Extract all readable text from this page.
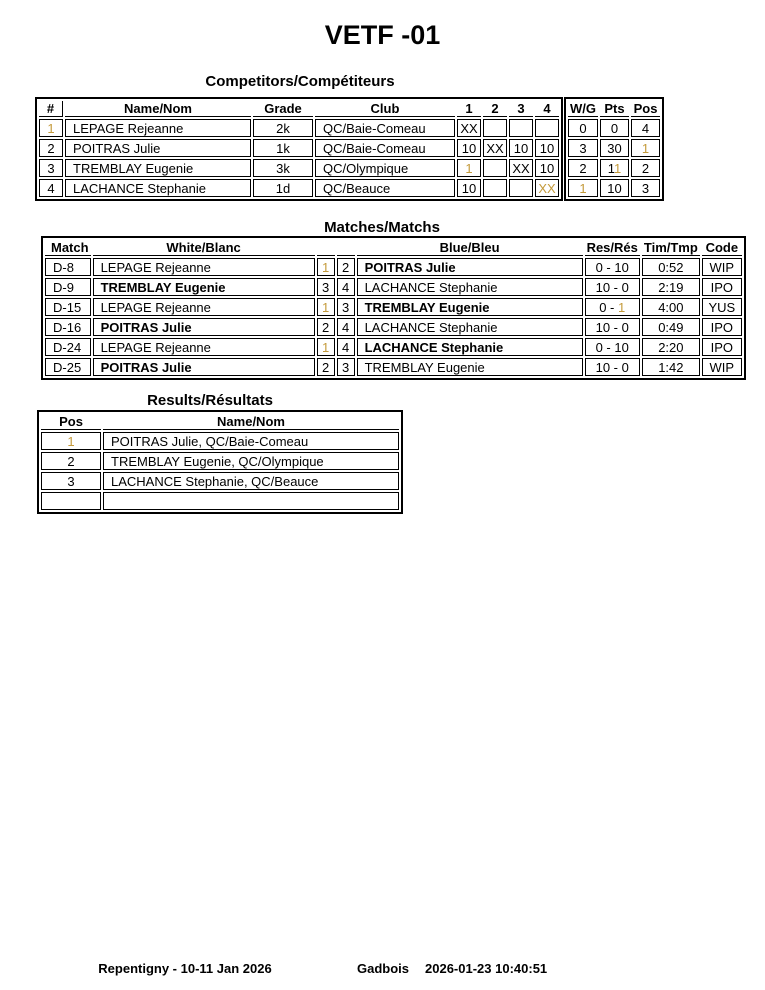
VETF -01
Competitors/Compétiteurs
#	Name/Nom	Grade	Club	1	2	3	4
1	LEPAGE Rejeanne	2k	QC/Baie-Comeau	XX			
2	POITRAS Julie	1k	QC/Baie-Comeau	10	XX	10	10
3	TREMBLAY Eugenie	3k	QC/Olympique	1		XX	10
4	LACHANCE Stephanie	1d	QC/Beauce	10			XX
W/G	Pts	Pos
0	0	4
3	30	1
2	11	2
1	10	3
Matches/Matchs
Match	White/Blanc			Blue/Bleu	Res/Rés	Tim/Tmp	Code
D-8	LEPAGE Rejeanne	1	2	POITRAS Julie	0 - 10	0:52	WIP
D-9	TREMBLAY Eugenie	3	4	LACHANCE Stephanie	10 - 0	2:19	IPO
D-15	LEPAGE Rejeanne	1	3	TREMBLAY Eugenie	0 - 1	4:00	YUS
D-16	POITRAS Julie	2	4	LACHANCE Stephanie	10 - 0	0:49	IPO
D-24	LEPAGE Rejeanne	1	4	LACHANCE Stephanie	0 - 10	2:20	IPO
D-25	POITRAS Julie	2	3	TREMBLAY Eugenie	10 - 0	1:42	WIP
Results/Résultats
Pos	Name/Nom
1	POITRAS Julie, QC/Baie-Comeau
2	TREMBLAY Eugenie, QC/Olympique
3	LACHANCE Stephanie, QC/Beauce

Repentigny - 10-11 Jan 2026	Gadbois 2026-01-23 10:40:51
